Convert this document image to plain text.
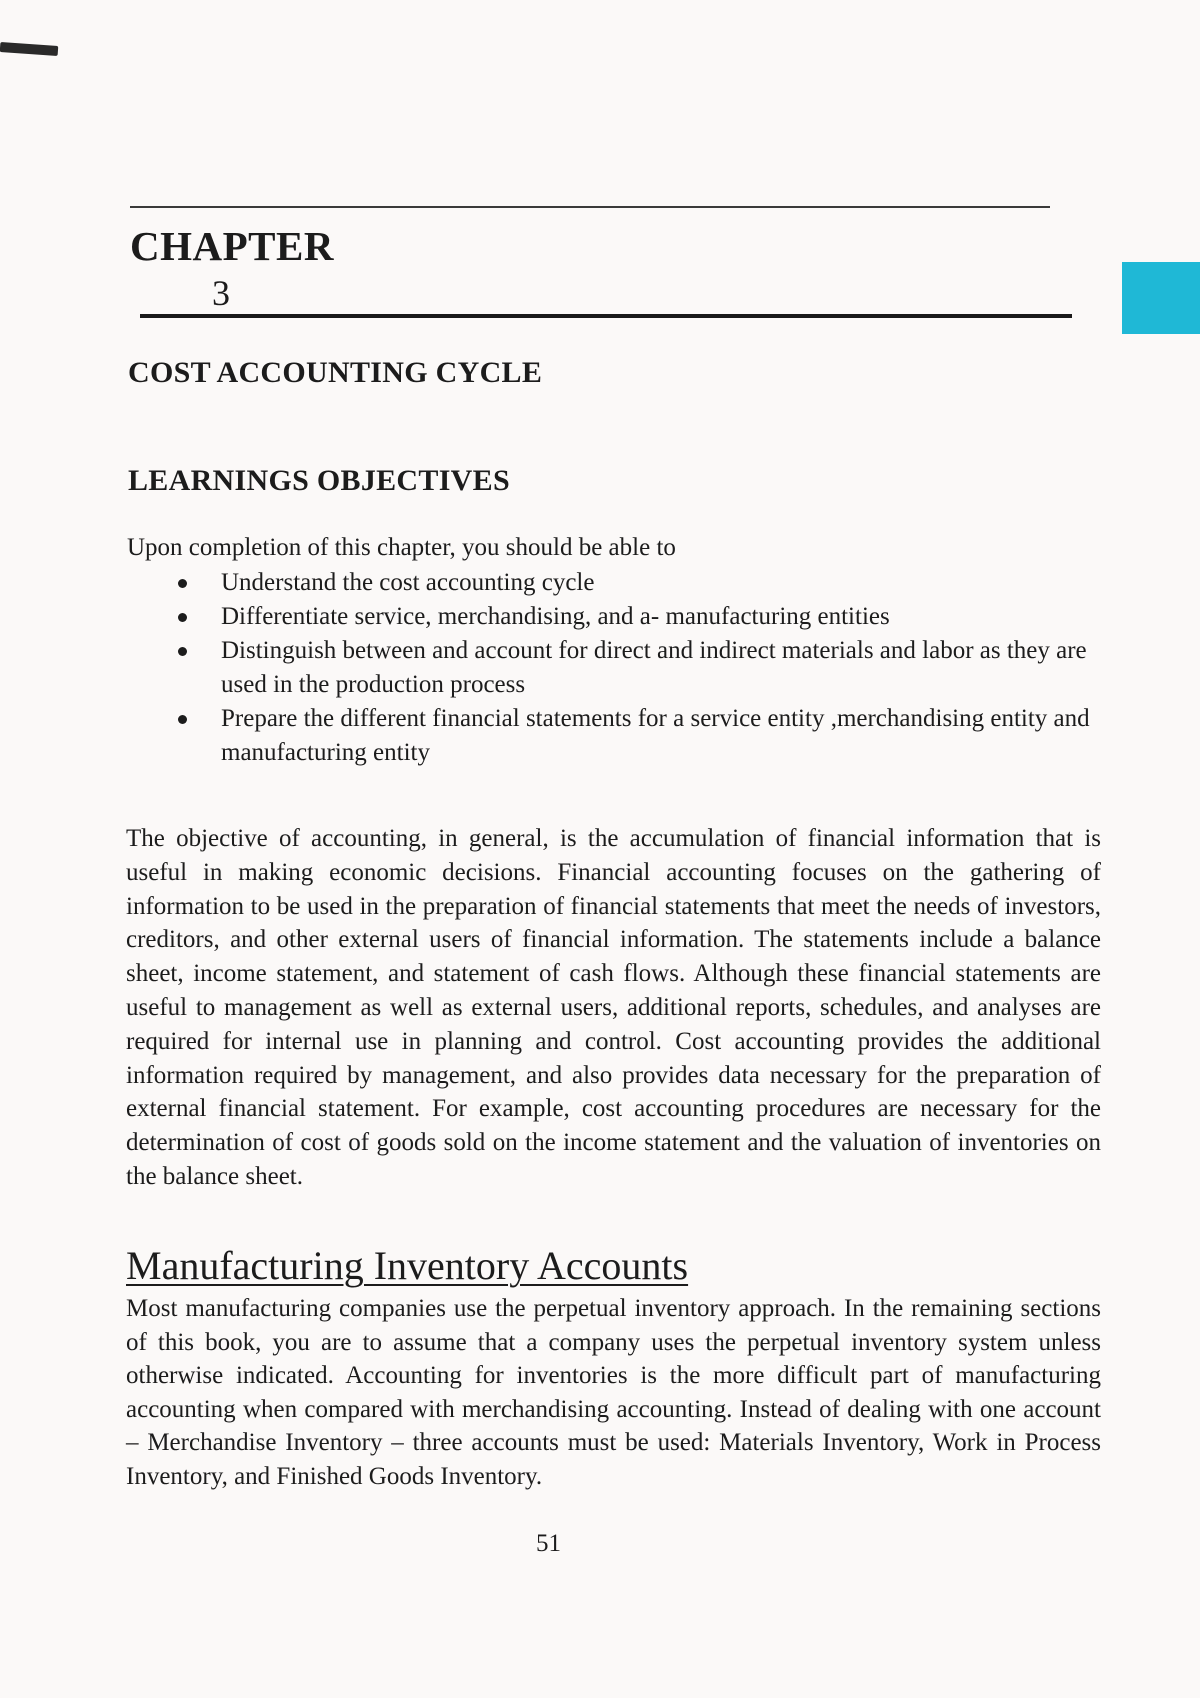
CHAPTER
3
COST ACCOUNTING CYCLE
LEARNINGS OBJECTIVES
Upon completion of this chapter, you should be able to
Understand the cost accounting cycle
Differentiate service, merchandising, and a- manufacturing entities
Distinguish between and account for direct and indirect materials and labor as they are used in the production process
Prepare the different financial statements for a service entity ,merchandising entity and manufacturing entity

The objective of accounting, in general, is the accumulation of financial information that is useful in making economic decisions. Financial accounting focuses on the gathering of information to be used in the preparation of financial statements that meet the needs of investors, creditors, and other external users of financial information. The statements include a balance sheet, income statement, and statement of cash flows. Although these financial statements are useful to management as well as external users, additional reports, schedules, and analyses are required for internal use in planning and control. Cost accounting provides the additional information required by management, and also provides data necessary for the preparation of external financial statement. For example, cost accounting procedures are necessary for the determination of cost of goods sold on the income statement and the valuation of inventories on the balance sheet.

Manufacturing Inventory Accounts

Most manufacturing companies use the perpetual inventory approach. In the remaining sections of this book, you are to assume that a company uses the perpetual inventory system unless otherwise indicated. Accounting for inventories is the more difficult part of manufacturing accounting when compared with merchandising accounting. Instead of dealing with one account – Merchandise Inventory – three accounts must be used: Materials Inventory, Work in Process Inventory, and Finished Goods Inventory.

51
